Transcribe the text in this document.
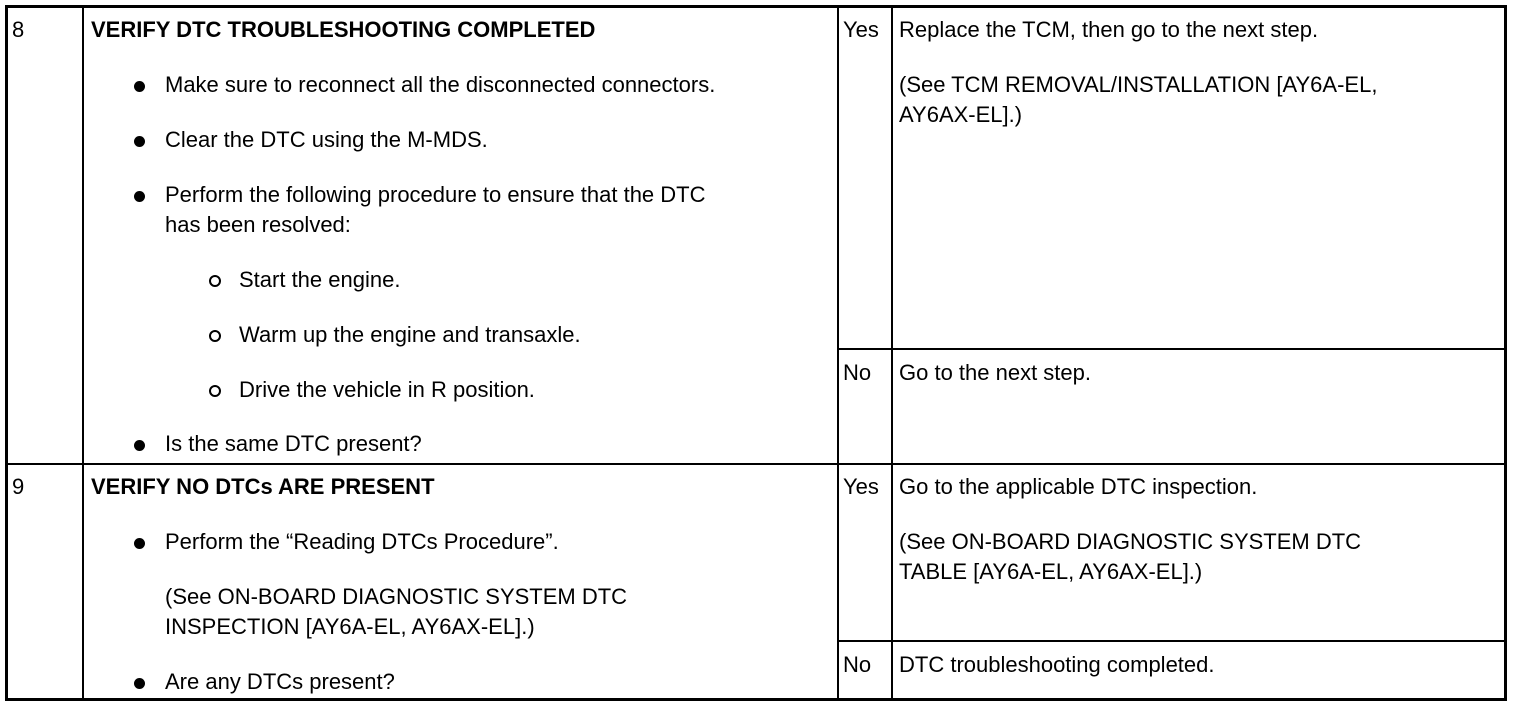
8	VERIFY DTC TROUBLESHOOTING COMPLETED
Make sure to reconnect all the disconnected connectors.
Clear the DTC using the M-MDS.
Perform the following procedure to ensure that the DTC
has been resolved:
Start the engine.
Warm up the engine and transaxle.
Drive the vehicle in R position.
Is the same DTC present?
Yes Replace the TCM, then go to the next step.
(See TCM REMOVAL/INSTALLATION [AY6A-EL,
AY6AX-EL].)
No Go to the next step.
9	VERIFY NO DTCs ARE PRESENT
Perform the “Reading DTCs Procedure”.
(See ON-BOARD DIAGNOSTIC SYSTEM DTC
INSPECTION [AY6A-EL, AY6AX-EL].)
Are any DTCs present?
Yes Go to the applicable DTC inspection.
(See ON-BOARD DIAGNOSTIC SYSTEM DTC
TABLE [AY6A-EL, AY6AX-EL].)
No DTC troubleshooting completed.
